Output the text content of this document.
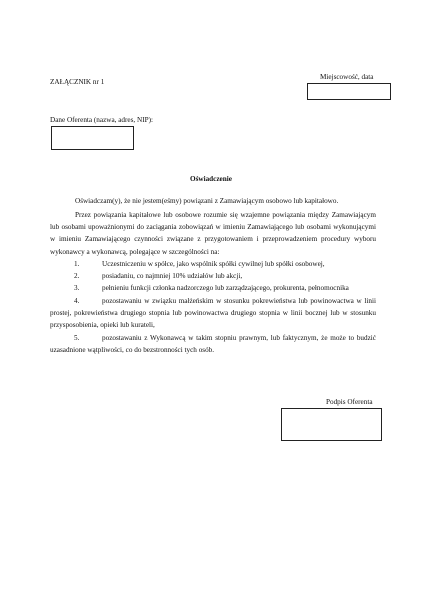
ZAŁĄCZNIK nr 1
Miejscowość, data
Dane Oferenta (nazwa, adres, NIP):
Oświadczenie
Oświadczam(y), że nie jestem(eśmy) powiązani z Zamawiającym osobowo lub kapitałowo.
Przez powiązania kapitałowe lub osobowe rozumie się wzajemne powiązania między Zamawiającym lub osobami upoważnionymi do zaciągania zobowiązań w imieniu Zamawiającego lub osobami wykonującymi w imieniu Zamawiającego czynności związane z przygotowaniem i przeprowadzeniem procedury wyboru wykonawcy a wykonawcą, polegające w szczególności na:
1.	Uczestniczeniu w spółce, jako wspólnik spółki cywilnej lub spółki osobowej,
2.	posiadaniu, co najmniej 10% udziałów lub akcji,
3.	pełnieniu funkcji członka nadzorczego lub zarządzającego, prokurenta, pełnomocnika
4.	pozostawaniu w związku małżeńskim w stosunku pokrewieństwa lub powinowactwa w linii prostej, pokrewieństwa drugiego stopnia lub powinowactwa drugiego stopnia w linii bocznej lub w stosunku przysposobienia, opieki lub kurateli,
5.	pozostawaniu z Wykonawcą w takim stopniu prawnym, lub faktycznym, że może to budzić uzasadnione wątpliwości, co do bezstronności tych osób.
Podpis Oferenta
